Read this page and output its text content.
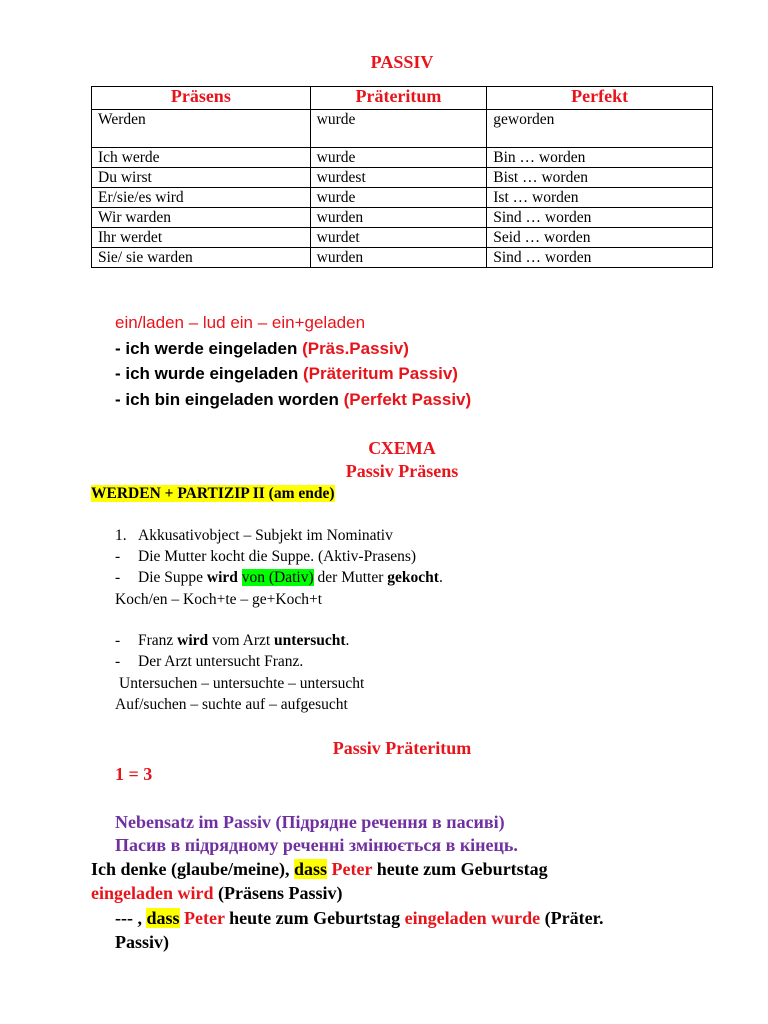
PASSIV
Präsens	Präteritum	Perfekt
Werden	wurde	geworden
Ich werde	wurde	Bin … worden
Du wirst	wurdest	Bist … worden
Er/sie/es wird	wurde	Ist … worden
Wir warden	wurden	Sind … worden
Ihr werdet	wurdet	Seid … worden
Sie/ sie warden	wurden	Sind … worden
ein/laden – lud ein – ein+geladen
- ich werde eingeladen (Präs.Passiv)
- ich wurde eingeladen (Präteritum Passiv)
- ich bin eingeladen worden (Perfekt Passiv)
СХЕМА
Passiv Präsens
WERDEN + PARTIZIP II (am ende)
1. Akkusativobject – Subjekt im Nominativ
- Die Mutter kocht die Suppe. (Aktiv-Prasens)
- Die Suppe wird von (Dativ) der Mutter gekocht.
Koch/en – Koch+te – ge+Koch+t
- Franz wird vom Arzt untersucht.
- Der Arzt untersucht Franz.
Untersuchen – untersuchte – untersucht
Auf/suchen – suchte auf – aufgesucht
Passiv Präteritum
1 = 3
Nebensatz im Passiv (Підрядне речення в пасиві)
Пасив в підрядному реченні змінюється в кінець.
Ich denke (glaube/meine), dass Peter heute zum Geburtstag
eingeladen wird (Präsens Passiv)
--- , dass Peter heute zum Geburtstag eingeladen wurde (Präter.
Passiv)
